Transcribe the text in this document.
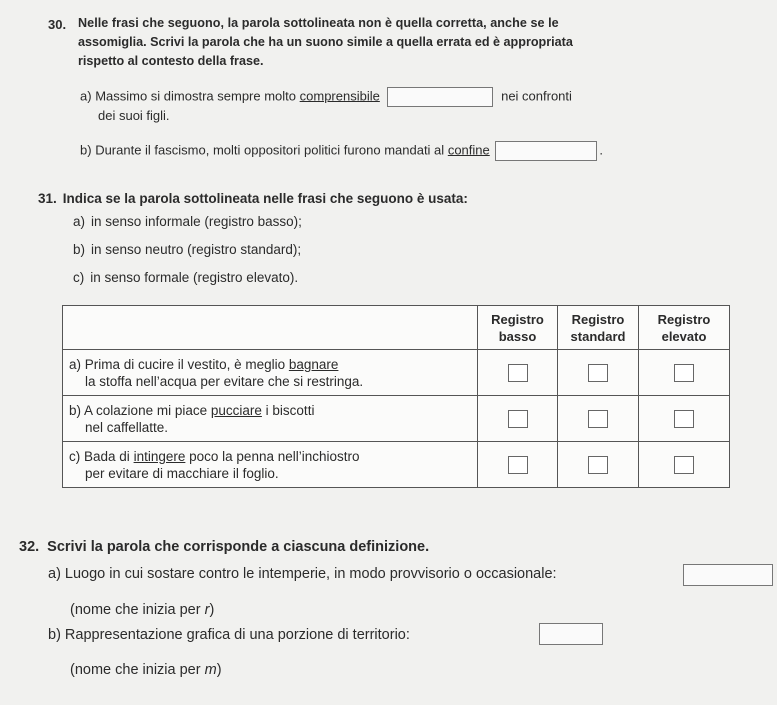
30. Nelle frasi che seguono, la parola sottolineata non è quella corretta, anche se le
assomiglia. Scrivi la parola che ha un suono simile a quella errata ed è appropriata
rispetto al contesto della frase.
a) Massimo si dimostra sempre molto comprensibile	nei confronti
dei suoi figli.
b) Durante il fascismo, molti oppositori politici furono mandati al confine	.
31. Indica se la parola sottolineata nelle frasi che seguono è usata:
a) in senso informale (registro basso);
b) in senso neutro (registro standard);
c) in senso formale (registro elevato).
	Registro basso	Registro standard	Registro elevato
a) Prima di cucire il vestito, è meglio bagnare
la stoffa nell’acqua per evitare che si restringa.	

b) A colazione mi piace pucciare i biscotti
nel caffellatte.	

c) Bada di intingere poco la penna nell’inchiostro
per evitare di macchiare il foglio.	

32. Scrivi la parola che corrisponde a ciascuna definizione.
a) Luogo in cui sostare contro le intemperie, in modo provvisorio o occasionale:
(nome che inizia per r)
b) Rappresentazione grafica di una porzione di territorio:
(nome che inizia per m)
